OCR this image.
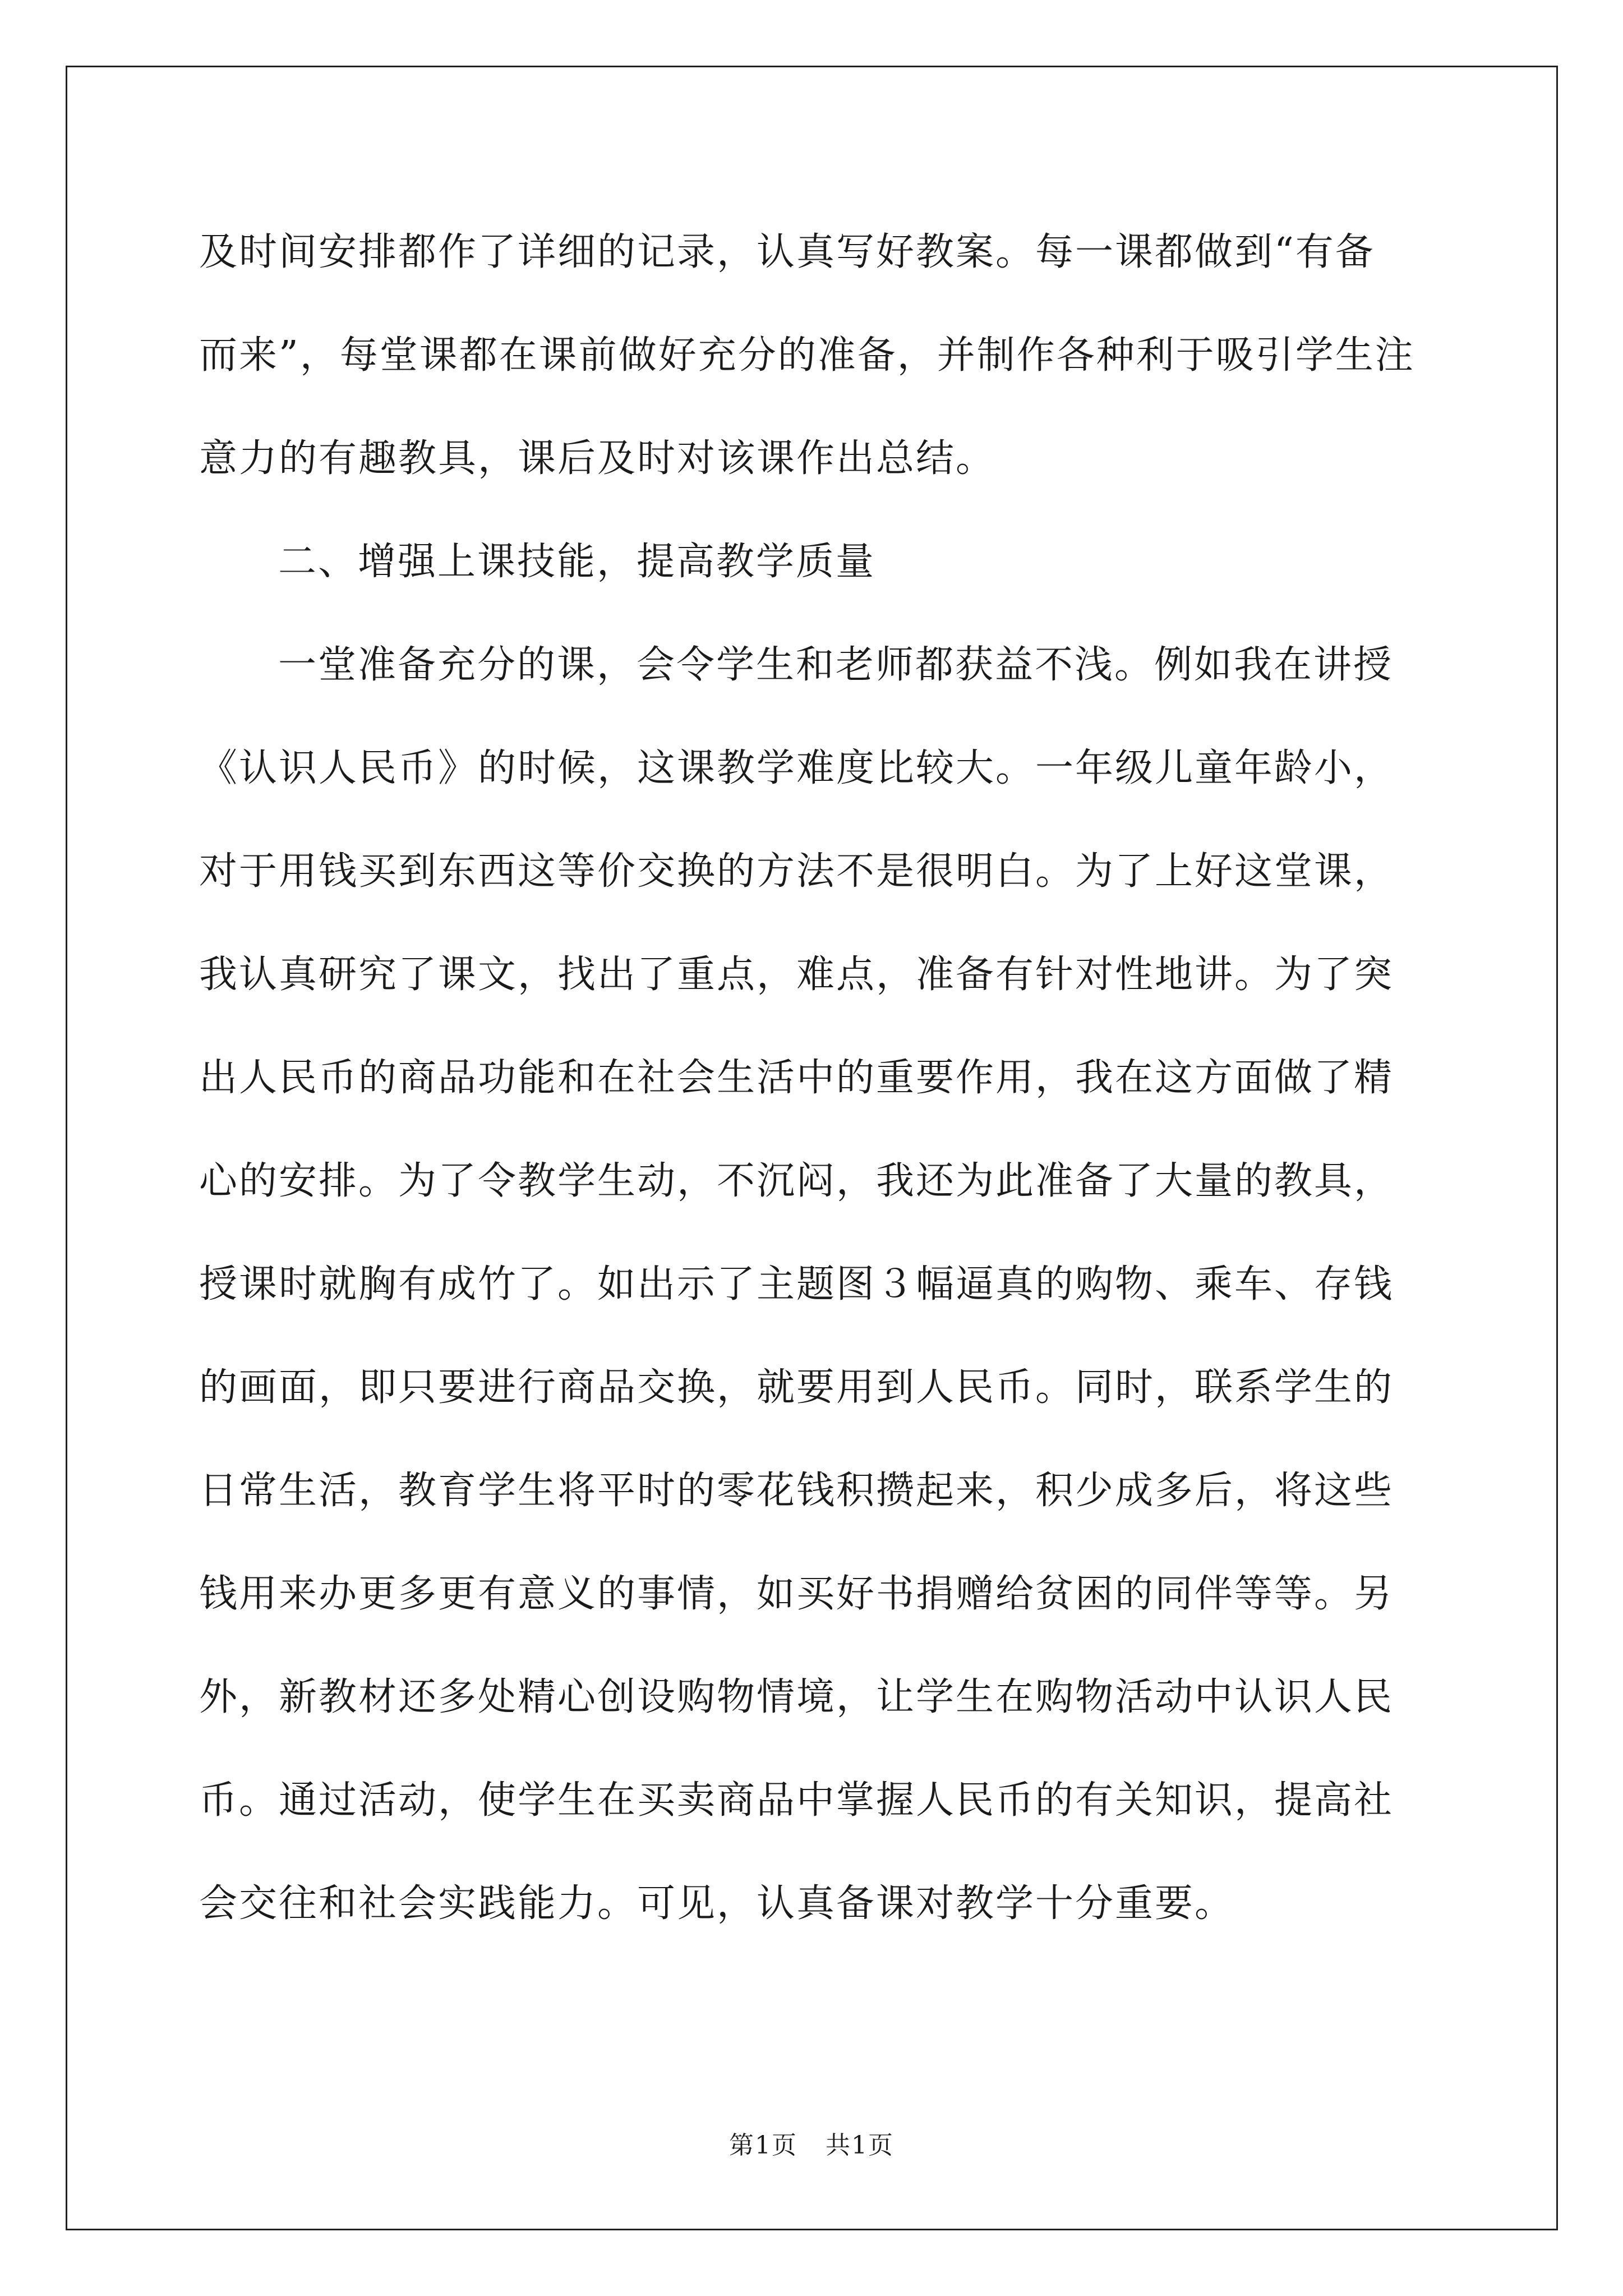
及时间安排都作了详细的记录，认真写好教案。每一课都做到“有备
而来”，每堂课都在课前做好充分的准备，并制作各种利于吸引学生注
意力的有趣教具，课后及时对该课作出总结。
二、增强上课技能，提高教学质量
一堂准备充分的课，会令学生和老师都获益不浅。例如我在讲授
《认识人民币》的时候，这课教学难度比较大。一年级儿童年龄小，
对于用钱买到东西这等价交换的方法不是很明白。为了上好这堂课，
我认真研究了课文，找出了重点，难点，准备有针对性地讲。为了突
出人民币的商品功能和在社会生活中的重要作用，我在这方面做了精
心的安排。为了令教学生动，不沉闷，我还为此准备了大量的教具，
授课时就胸有成竹了。如出示了主题图３幅逼真的购物、乘车、存钱
的画面，即只要进行商品交换，就要用到人民币。同时，联系学生的
日常生活，教育学生将平时的零花钱积攒起来，积少成多后，将这些
钱用来办更多更有意义的事情，如买好书捐赠给贫困的同伴等等。另
外，新教材还多处精心创设购物情境，让学生在购物活动中认识人民
币。通过活动，使学生在买卖商品中掌握人民币的有关知识，提高社
会交往和社会实践能力。可见，认真备课对教学十分重要。
第1页 共1页
